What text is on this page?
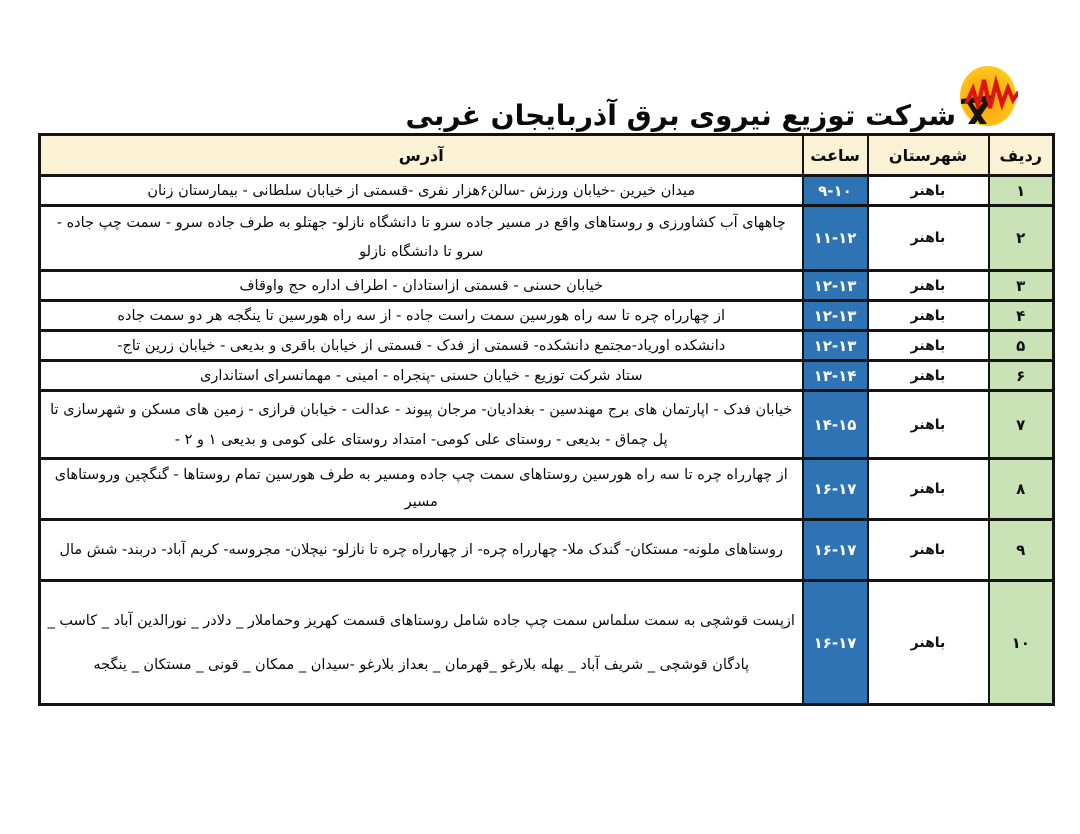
شرکت توزیع نیروی برق آذربایجان غربی
ردیف	شهرستان	ساعت	آدرس
۱	باهنر	۹-۱۰	میدان خیرین -خیابان ورزش -سالن۶هزار نفری -قسمتی از خیابان سلطانی - بیمارستان زنان
۲	باهنر	۱۱-۱۲	چاههای آب کشاورزی و روستاهای واقع در مسیر جاده سرو تا دانشگاه نازلو- جهتلو به طرف جاده سرو - سمت چپ جاده - سرو تا دانشگاه نازلو
۳	باهنر	۱۲-۱۳	خیابان حسنی - قسمتی ازاستادان - اطراف اداره حج واوقاف
۴	باهنر	۱۲-۱۳	از چهارراه چره تا سه راه هورسین سمت راست جاده - از سه راه هورسین تا ینگجه هر دو سمت جاده
۵	باهنر	۱۲-۱۳	دانشکده اوریاد-مجتمع دانشکده- قسمتی از فدک - قسمتی از خیابان باقری و بدیعی - خیابان زرین تاج-
۶	باهنر	۱۳-۱۴	ستاد شرکت توزیع - خیابان حسنی -پنجراه - امینی - مهمانسرای استانداری
۷	باهنر	۱۴-۱۵	خیابان فدک - اپارتمان های برج مهندسین - بغدادیان- مرجان پیوند - عدالت - خیابان فرازی - زمین های مسکن و شهرسازی تا پل چماق - بدیعی - روستای علی کومی- امتداد روستای علی کومی و بدیعی ۱ و ۲ -
۸	باهنر	۱۶-۱۷	از چهارراه چره تا سه راه هورسین روستاهای سمت چپ جاده ومسیر به طرف هورسین تمام روستاها - گنگچین وروستاهای مسیر
۹	باهنر	۱۶-۱۷	روستاهای ملونه- مستکان- گندک ملا- چهارراه چره- از چهارراه چره تا نازلو- نیچلان- مجروسه- کریم آباد- دربند- شش مال
۱۰	باهنر	۱۶-۱۷	ازپست قوشچی به سمت سلماس سمت چپ جاده شامل روستاهای قسمت کهریز وحماملار _ دلادر _ نورالدین آباد _ کاسب _ پادگان قوشچی _ شریف آباد _ بهله بلارغو _قهرمان _ بعداز بلارغو -سیدان _ ممکان _ قونی _ مستکان _ ینگجه
